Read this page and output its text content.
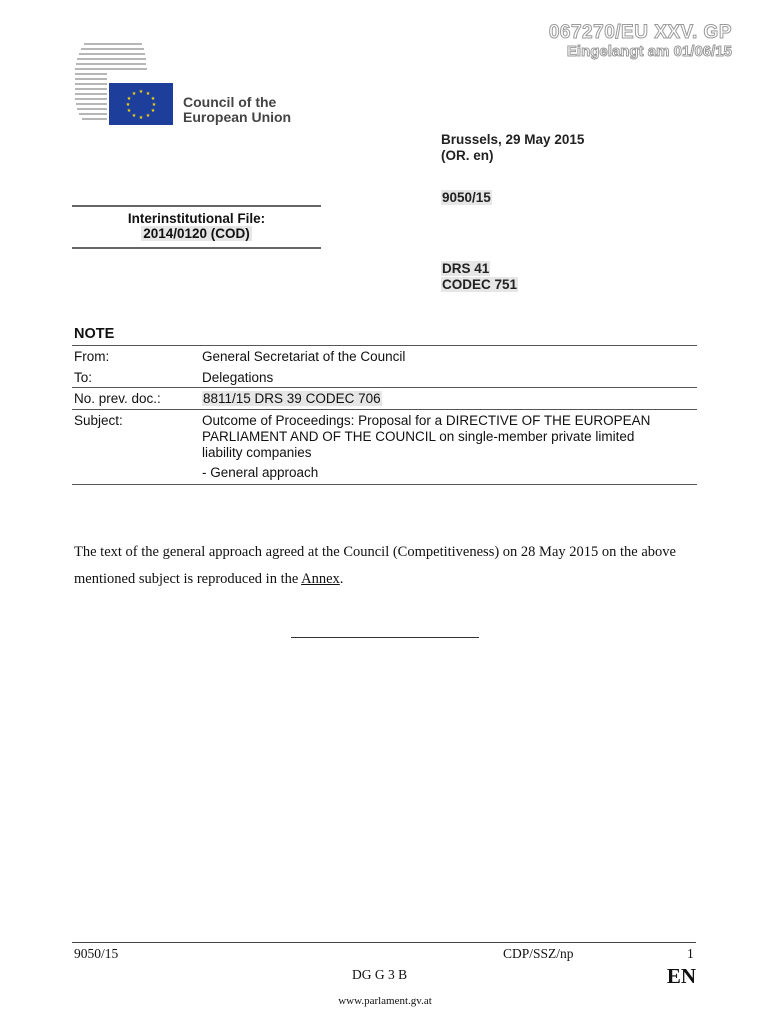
067270/EU XXV. GP
Eingelangt am 01/06/15
★ ★
★
★
★
★
★
★
★
★
★
★	Council of the
European Union
Brussels, 29 May 2015
(OR. en)
9050/15
Interinstitutional File:
2014/0120 (COD)
DRS 41
CODEC 751
NOTE
From:	General Secretariat of the Council
To:	Delegations
No. prev. doc.:	8811/15 DRS 39 CODEC 706
Subject:	Outcome of Proceedings: Proposal for a DIRECTIVE OF THE EUROPEAN
PARLIAMENT AND OF THE COUNCIL on single-member private limited
liability companies
- General approach
The text of the general approach agreed at the Council (Competitiveness) on 28 May 2015 on the above mentioned subject is reproduced in the Annex.
9050/15	CDP/SSZ/np	1
DG G 3 B	EN
www.parlament.gv.at
